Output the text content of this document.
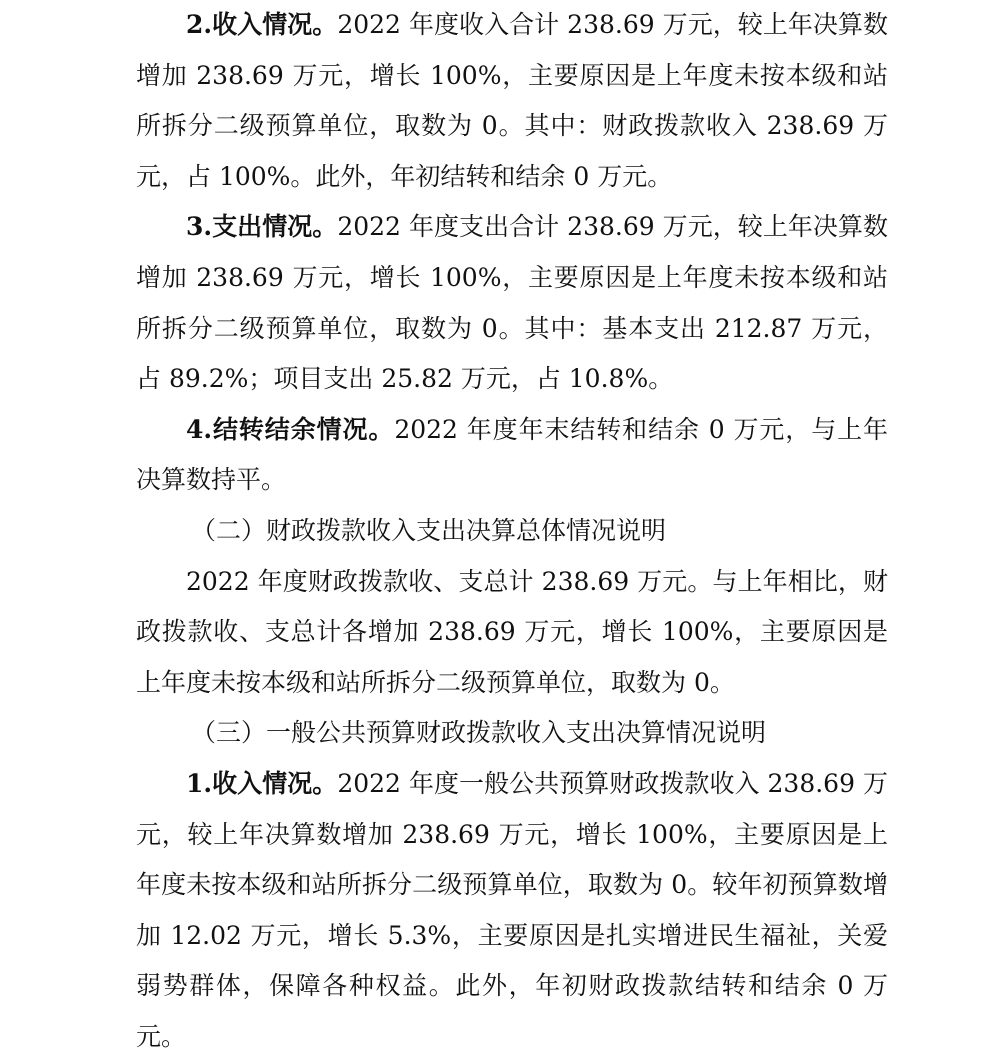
2.收入情况。2022 年度收入合计 238.69 万元，较上年决算数增加 238.69 万元，增长 100%，主要原因是上年度未按本级和站所拆分二级预算单位，取数为 0。其中：财政拨款收入 238.69 万元，占 100%。此外，年初结转和结余 0 万元。

3.支出情况。2022 年度支出合计 238.69 万元，较上年决算数增加 238.69 万元，增长 100%，主要原因是上年度未按本级和站所拆分二级预算单位，取数为 0。其中：基本支出 212.87 万元，占 89.2%；项目支出 25.82 万元，占 10.8%。

4.结转结余情况。2022 年度年末结转和结余 0 万元，与上年决算数持平。

（二）财政拨款收入支出决算总体情况说明

2022 年度财政拨款收、支总计 238.69 万元。与上年相比，财政拨款收、支总计各增加 238.69 万元，增长 100%，主要原因是上年度未按本级和站所拆分二级预算单位，取数为 0。

（三）一般公共预算财政拨款收入支出决算情况说明

1.收入情况。2022 年度一般公共预算财政拨款收入 238.69 万元，较上年决算数增加 238.69 万元，增长 100%，主要原因是上年度未按本级和站所拆分二级预算单位，取数为 0。较年初预算数增加 12.02 万元，增长 5.3%，主要原因是扎实增进民生福祉，关爱弱势群体，保障各种权益。此外，年初财政拨款结转和结余 0 万元。
